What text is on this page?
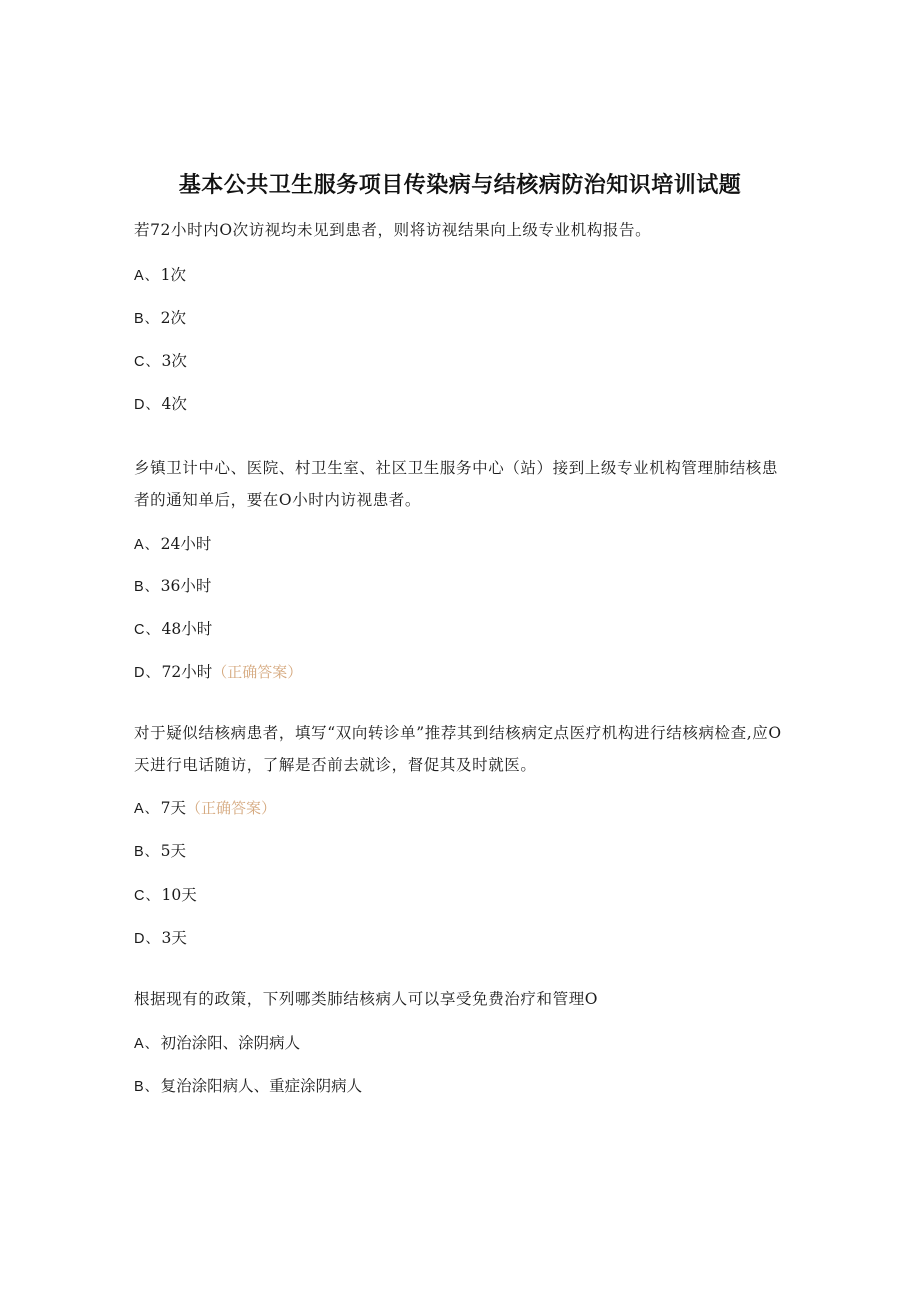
基本公共卫生服务项目传染病与结核病防治知识培训试题
若72小时内O次访视均未见到患者，则将访视结果向上级专业机构报告。
A、 1次
B、 2次
C、 3次
D、 4次
乡镇卫计中心、医院、村卫生室、社区卫生服务中心（站）接到上级专业机构管理肺结核患者的通知单后，要在O小时内访视患者。
A、 24小时
B、 36小时
C、 48小时
D、 72小时（正确答案）
对于疑似结核病患者，填写“双向转诊单”推荐其到结核病定点医疗机构进行结核病检查,应O天进行电话随访，了解是否前去就诊，督促其及时就医。
A、 7天（正确答案）
B、 5天
C、 10天
D、 3天
根据现有的政策，下列哪类肺结核病人可以享受免费治疗和管理O
A、 初治涂阳、涂阴病人
B、 复治涂阳病人、重症涂阴病人
